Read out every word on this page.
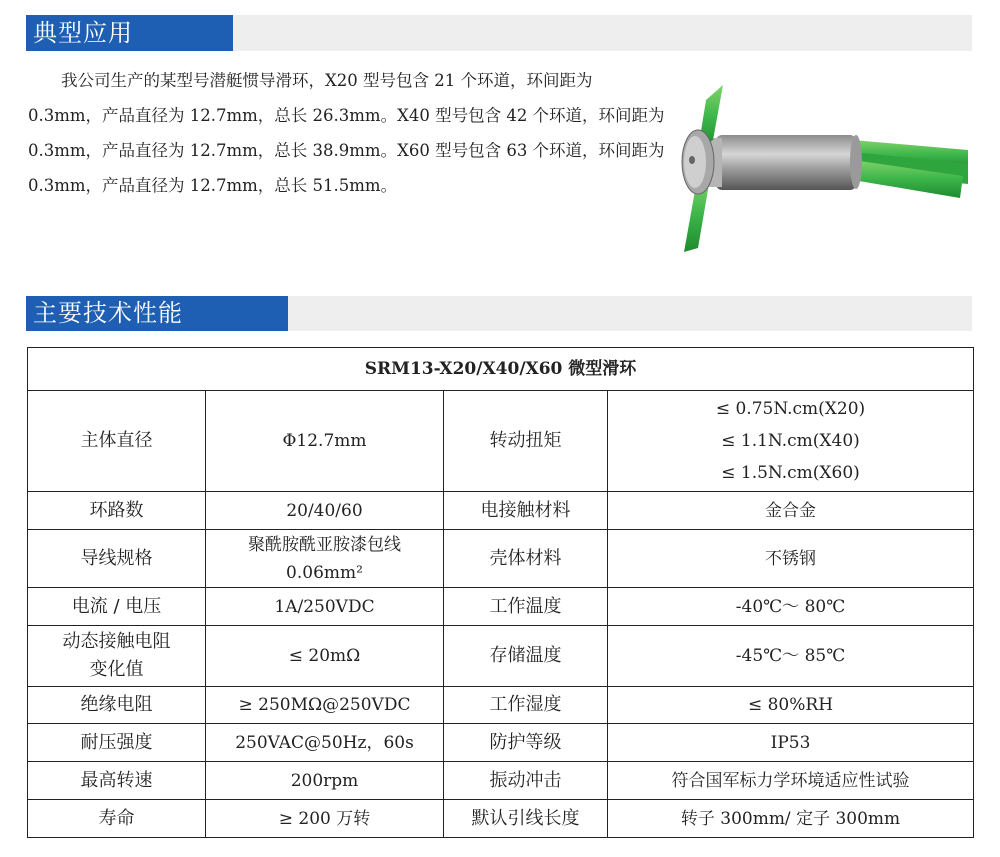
典型应用

我公司生产的某型号潜艇惯导滑环，X20 型号包含 21 个环道，环间距为 0.3mm，产品直径为 12.7mm，总长 26.3mm。X40 型号包含 42 个环道，环间距为 0.3mm，产品直径为 12.7mm，总长 38.9mm。X60 型号包含 63 个环道，环间距为 0.3mm，产品直径为 12.7mm，总长 51.5mm。

主要技术性能
SRM13-X20/X40/X60 微型滑环			

主体直径	Φ12.7mm	转动扭矩	≤ 0.75N.cm(X20)
≤ 1.1N.cm(X40)
≤ 1.5N.cm(X60)

环路数	20/40/60	电接触材料	金合金

导线规格	聚酰胺酰亚胺漆包线
0.06mm²	壳体材料	不锈钢

电流 / 电压	1A/250VDC	工作温度	-40℃～ 80℃

动态接触电阻
变化值	≤ 20mΩ	存储温度	-45℃～ 85℃

绝缘电阻	≥ 250MΩ@250VDC	工作湿度	≤ 80%RH

耐压强度	250VAC@50Hz，60s	防护等级	IP53

最高转速	200rpm	振动冲击	符合国军标力学环境适应性试验

寿命	≥ 200 万转	默认引线长度	转子 300mm/ 定子 300mm
